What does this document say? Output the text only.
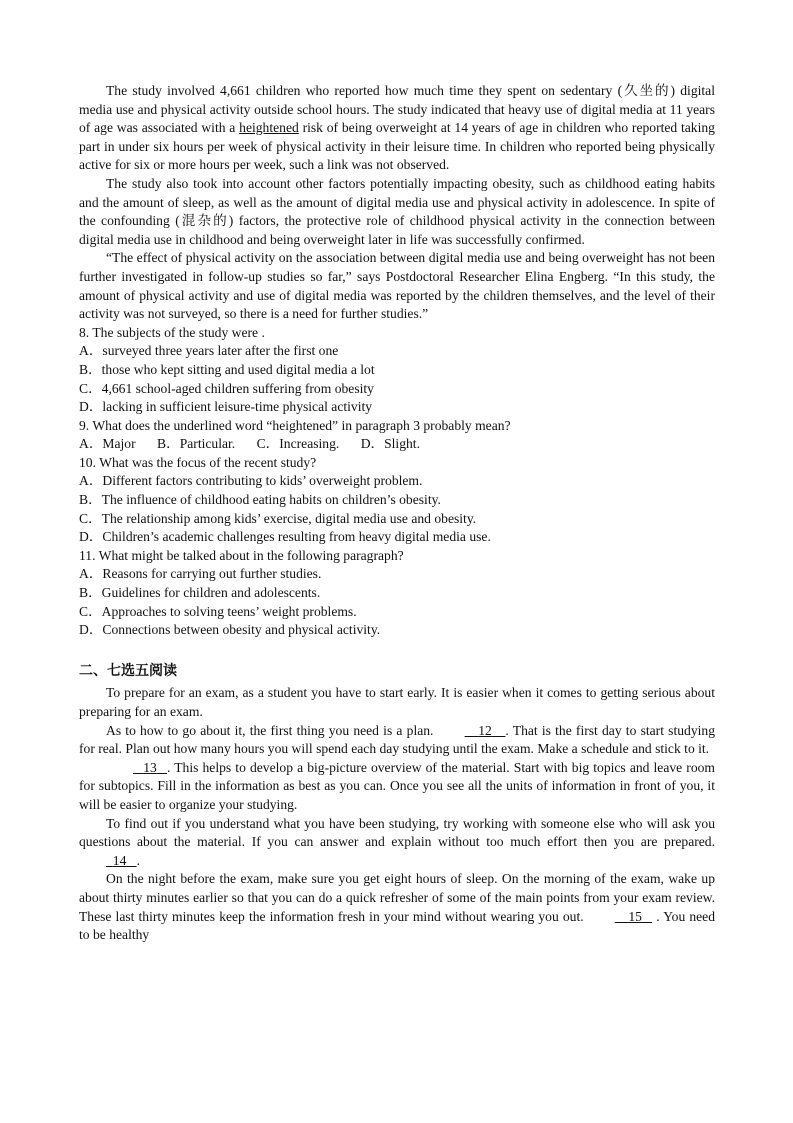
The study involved 4,661 children who reported how much time they spent on sedentary (久坐的) digital media use and physical activity outside school hours. The study indicated that heavy use of digital media at 11 years of age was associated with a heightened risk of being overweight at 14 years of age in children who reported taking part in under six hours per week of physical activity in their leisure time. In children who reported being physically active for six or more hours per week, such a link was not observed.

The study also took into account other factors potentially impacting obesity, such as childhood eating habits and the amount of sleep, as well as the amount of digital media use and physical activity in adolescence. In spite of the confounding (混杂的) factors, the protective role of childhood physical activity in the connection between digital media use in childhood and being overweight later in life was successfully confirmed.

“The effect of physical activity on the association between digital media use and being overweight has not been further investigated in follow-up studies so far,” says Postdoctoral Researcher Elina Engberg. “In this study, the amount of physical activity and use of digital media was reported by the children themselves, and the level of their activity was not surveyed, so there is a need for further studies.”

8. The subjects of the study were .
A．surveyed three years later after the first one
B．those who kept sitting and used digital media a lot
C．4,661 school-aged children suffering from obesity
D．lacking in sufficient leisure-time physical activity
9. What does the underlined word “heightened” in paragraph 3 probably mean?
A．Major B．Particular. C．Increasing. D．Slight.
10. What was the focus of the recent study?
A．Different factors contributing to kids’ overweight problem.
B．The influence of childhood eating habits on children’s obesity.
C．The relationship among kids’ exercise, digital media use and obesity.
D．Children’s academic challenges resulting from heavy digital media use.
11. What might be talked about in the following paragraph?
A．Reasons for carrying out further studies.
B．Guidelines for children and adolescents.
C．Approaches to solving teens’ weight problems.
D．Connections between obesity and physical activity.
二、七选五阅读

To prepare for an exam, as a student you have to start early. It is easier when it comes to getting serious about preparing for an exam.

As to how to go about it, the first thing you need is a plan.	12 . That is the first day to start studying for real. Plan out how many hours you will spend each day studying until the exam. Make a schedule and stick to it.

13 . This helps to develop a big-picture overview of the material. Start with big topics and leave room for subtopics. Fill in the information as best as you can. Once you see all the units of information in front of you, it will be easier to organize your studying.

To find out if you understand what you have been studying, try working with someone else who will ask you questions about the material. If you can answer and explain without too much effort then you are prepared.   14 .

On the night before the exam, make sure you get eight hours of sleep. On the morning of the exam, wake up about thirty minutes earlier so that you can do a quick refresher of some of the main points from your exam review. These last thirty minutes keep the information fresh in your mind without wearing you out.	15    . You need to be healthy
